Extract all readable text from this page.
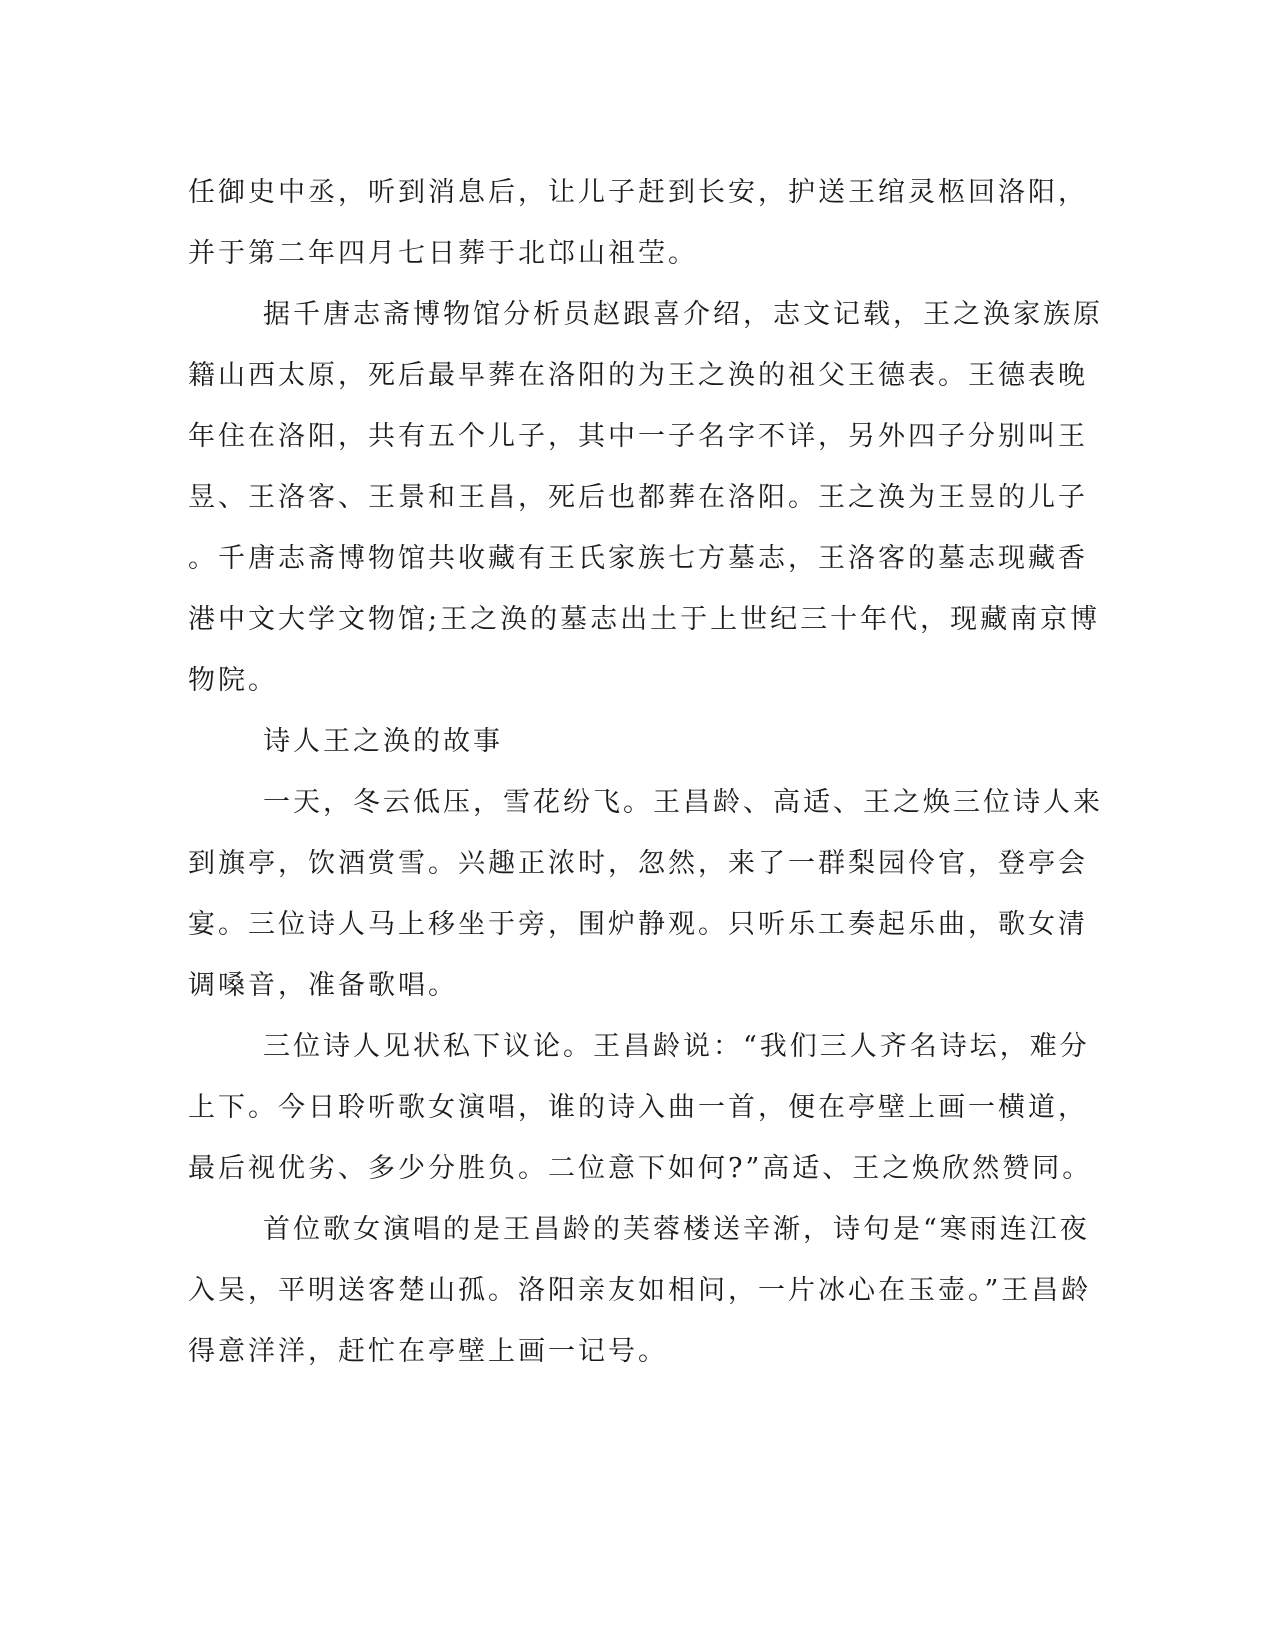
任御史中丞，听到消息后，让儿子赶到长安，护送王绾灵柩回洛阳，
并于第二年四月七日葬于北邙山祖茔。
据千唐志斋博物馆分析员赵跟喜介绍，志文记载，王之涣家族原
籍山西太原，死后最早葬在洛阳的为王之涣的祖父王德表。王德表晚
年住在洛阳，共有五个儿子，其中一子名字不详，另外四子分别叫王
昱、王洛客、王景和王昌，死后也都葬在洛阳。王之涣为王昱的儿子
。千唐志斋博物馆共收藏有王氏家族七方墓志，王洛客的墓志现藏香
港中文大学文物馆;王之涣的墓志出土于上世纪三十年代，现藏南京博
物院。
诗人王之涣的故事
一天，冬云低压，雪花纷飞。王昌龄、高适、王之焕三位诗人来
到旗亭，饮酒赏雪。兴趣正浓时，忽然，来了一群梨园伶官，登亭会
宴。三位诗人马上移坐于旁，围炉静观。只听乐工奏起乐曲，歌女清
调嗓音，准备歌唱。
三位诗人见状私下议论。王昌龄说：“我们三人齐名诗坛，难分
上下。今日聆听歌女演唱，谁的诗入曲一首，便在亭壁上画一横道，
最后视优劣、多少分胜负。二位意下如何?”高适、王之焕欣然赞同。
首位歌女演唱的是王昌龄的芙蓉楼送辛渐，诗句是“寒雨连江夜
入吴，平明送客楚山孤。洛阳亲友如相问，一片冰心在玉壶。”王昌龄
得意洋洋，赶忙在亭壁上画一记号。
